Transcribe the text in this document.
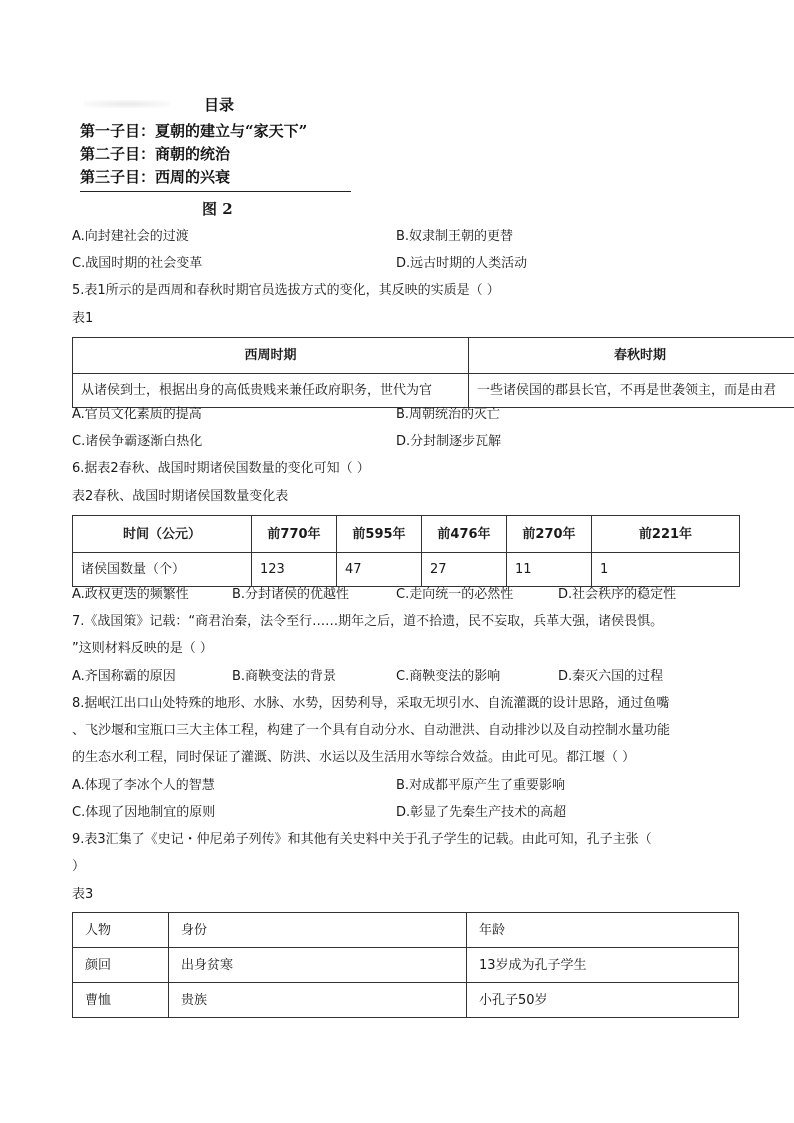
目录
第一子目：夏朝的建立与“家天下”
第二子目：商朝的统治
第三子目：西周的兴衰
图 2
A.向封建社会的过渡	B.奴隶制王朝的更替
C.战国时期的社会变革	D.远古时期的人类活动
5.表1所示的是西周和春秋时期官员选拔方式的变化，其反映的实质是（ ）
表1
西周时期	春秋时期
从诸侯到士，根据出身的高低贵贱来兼任政府职务，世代为官	一些诸侯国的郡县长官，不再是世袭领主，而是由君
A.官员文化素质的提高	B.周朝统治的灭亡
C.诸侯争霸逐渐白热化	D.分封制逐步瓦解
6.据表2春秋、战国时期诸侯国数量的变化可知（ ）
表2春秋、战国时期诸侯国数量变化表
时间（公元）	前770年	前595年	前476年	前270年	前221年
诸侯国数量（个）	123	47	27	11	1
A.政权更迭的频繁性	B.分封诸侯的优越性	C.走向统一的必然性	D.社会秩序的稳定性
7.《战国策》记载：“商君治秦，法令至行……期年之后，道不拾遗，民不妄取，兵革大强，诸侯畏惧。
”这则材料反映的是（ ）
A.齐国称霸的原因	B.商鞅变法的背景	C.商鞅变法的影响	D.秦灭六国的过程
8.据岷江出口山处特殊的地形、水脉、水势，因势利导，采取无坝引水、自流灌溉的设计思路，通过鱼嘴
、飞沙堰和宝瓶口三大主体工程，构建了一个具有自动分水、自动泄洪、自动排沙以及自动控制水量功能
的生态水利工程，同时保证了灌溉、防洪、水运以及生活用水等综合效益。由此可见。都江堰（ ）
A.体现了李冰个人的智慧	B.对成都平原产生了重要影响
C.体现了因地制宜的原则	D.彰显了先秦生产技术的高超
9.表3汇集了《史记・仲尼弟子列传》和其他有关史料中关于孔子学生的记载。由此可知，孔子主张（
）
表3
人物	身份	年龄
颜回	出身贫寒	13岁成为孔子学生
曹恤	贵族	小孔子50岁
